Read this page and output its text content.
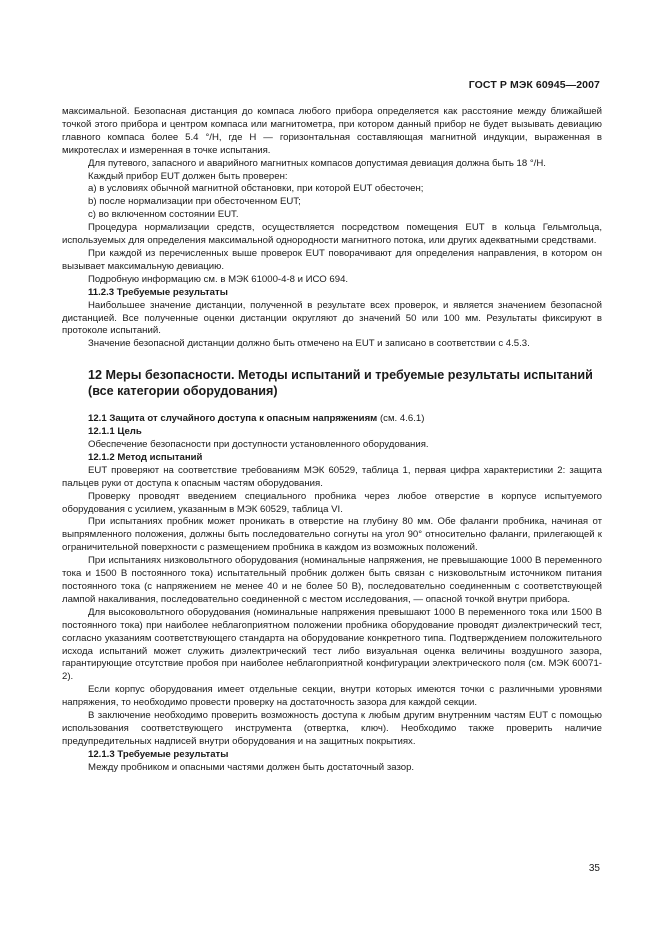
ГОСТ Р МЭК 60945—2007

максимальной. Безопасная дистанция до компаса любого прибора определяется как расстояние между ближайшей точкой этого прибора и центром компаса или магнитометра, при котором данный прибор не будет вызывать девиацию главного компаса более 5.4 °/Н, где Н — горизонтальная составляющая магнитной индукции, выраженная в микротеслах и измеренная в точке испытания.

Для путевого, запасного и аварийного магнитных компасов допустимая девиация должна быть 18 °/Н.

Каждый прибор EUT должен быть проверен:

a) в условиях обычной магнитной обстановки, при которой EUT обесточен;

b) после нормализации при обесточенном EUT;

c) во включенном состоянии EUT.

Процедура нормализации средств, осуществляется посредством помещения EUT в кольца Гельмгольца, используемых для определения максимальной однородности магнитного потока, или других адекватными средствами.

При каждой из перечисленных выше проверок EUT поворачивают для определения направления, в котором он вызывает максимальную девиацию.

Подробную информацию см. в МЭК 61000-4-8 и ИСО 694.

11.2.3 Требуемые результаты

Наибольшее значение дистанции, полученной в результате всех проверок, и является значением безопасной дистанцией. Все полученные оценки дистанции округляют до значений 50 или 100 мм. Результаты фиксируют в протоколе испытаний.

Значение безопасной дистанции должно быть отмечено на EUT и записано в соответствии с 4.5.3.

12 Меры безопасности. Методы испытаний и требуемые результаты испытаний (все категории оборудования)

12.1 Защита от случайного доступа к опасным напряжениям (см. 4.6.1)

12.1.1 Цель

Обеспечение безопасности при доступности установленного оборудования.

12.1.2 Метод испытаний

EUT проверяют на соответствие требованиям МЭК 60529, таблица 1, первая цифра характеристики 2: защита пальцев руки от доступа к опасным частям оборудования.

Проверку проводят введением специального пробника через любое отверстие в корпусе испытуемого оборудования с усилием, указанным в МЭК 60529, таблица VI.

При испытаниях пробник может проникать в отверстие на глубину 80 мм. Обе фаланги пробника, начиная от выпрямленного положения, должны быть последовательно согнуты на угол 90° относительно фаланги, прилегающей к ограничительной поверхности с размещением пробника в каждом из возможных положений.

При испытаниях низковольтного оборудования (номинальные напряжения, не превышающие 1000 В переменного тока и 1500 В постоянного тока) испытательный пробник должен быть связан с низковольтным источником питания постоянного тока (с напряжением не менее 40 и не более 50 В), последовательно соединенным с соответствующей лампой накаливания, последовательно соединенной с местом исследования, — опасной точкой внутри прибора.

Для высоковольтного оборудования (номинальные напряжения превышают 1000 В переменного тока или 1500 В постоянного тока) при наиболее неблагоприятном положении пробника оборудование проводят диэлектрический тест, согласно указаниям соответствующего стандарта на оборудование конкретного типа. Подтверждением положительного исхода испытаний может служить диэлектрический тест либо визуальная оценка величины воздушного зазора, гарантирующие отсутствие пробоя при наиболее неблагоприятной конфигурации электрического поля (см. МЭК 60071-2).

Если корпус оборудования имеет отдельные секции, внутри которых имеются точки с различными уровнями напряжения, то необходимо провести проверку на достаточность зазора для каждой секции.

В заключение необходимо проверить возможность доступа к любым другим внутренним частям EUT с помощью использования соответствующего инструмента (отвертка, ключ). Необходимо также проверить наличие предупредительных надписей внутри оборудования и на защитных покрытиях.

12.1.3 Требуемые результаты

Между пробником и опасными частями должен быть достаточный зазор.

35
